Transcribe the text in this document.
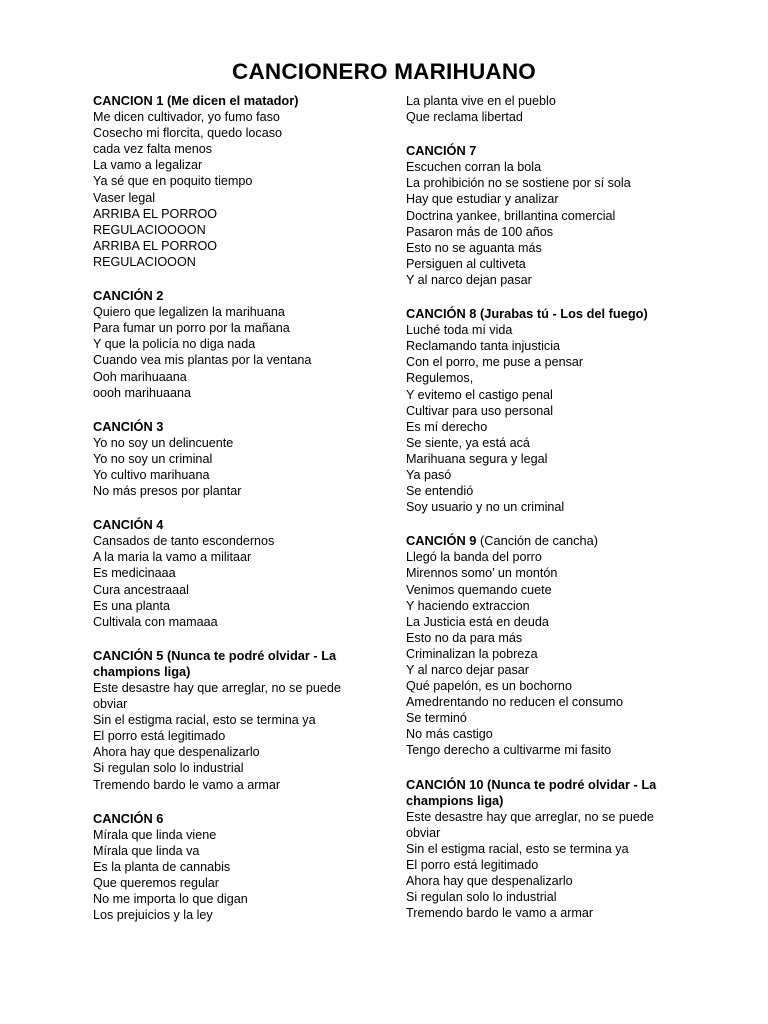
CANCIONERO MARIHUANO
CANCION 1 (Me dicen el matador)
Me dicen cultivador, yo fumo faso
Cosecho mi florcita, quedo locaso
cada vez falta menos
La vamo a legalizar
Ya sé que en poquito tiempo
Vaser legal
ARRIBA EL PORROO
REGULACIOOOON
ARRIBA EL PORROO
REGULACIOOON
CANCIÓN 2
Quiero que legalizen la marihuana
Para fumar un porro por la mañana
Y que la policía no diga nada
Cuando vea mis plantas por la ventana
Ooh marihuaana
oooh marihuaana
CANCIÓN 3
Yo no soy un delincuente
Yo no soy un criminal
Yo cultivo marihuana
No más presos por plantar
CANCIÓN 4
Cansados de tanto escondernos
A la maria la vamo a militaar
Es medicinaaa
Cura ancestraaal
Es una planta
Cultivala con mamaaa
CANCIÓN 5 (Nunca te podré olvidar - La champions liga)
Este desastre hay que arreglar, no se puede obviar
Sin el estigma racial, esto se termina ya
El porro está legitimado
Ahora hay que despenalizarlo
Si regulan solo lo industrial
Tremendo bardo le vamo a armar
CANCIÓN 6
Mírala que linda viene
Mírala que linda va
Es la planta de cannabis
Que queremos regular
No me importa lo que digan
Los prejuicios y la ley
La planta vive en el pueblo
Que reclama libertad
CANCIÓN 7
Escuchen corran la bola
La prohibición no se sostiene por sí sola
Hay que estudiar y analizar
Doctrina yankee, brillantina comercial
Pasaron más de 100 años
Esto no se aguanta más
Persiguen al cultiveta
Y al narco dejan pasar
CANCIÓN 8 (Jurabas tú - Los del fuego)
Luché toda mí vida
Reclamando tanta injusticia
Con el porro, me puse a pensar
Regulemos,
Y evitemo el castigo penal
Cultivar para uso personal
Es mí derecho
Se siente, ya está acá
Marihuana segura y legal
Ya pasó
Se entendió
Soy usuario y no un criminal
CANCIÓN 9 (Canción de cancha)
Llegó la banda del porro
Mirennos somo’ un montón
Venimos quemando cuete
Y haciendo extraccion
La Justicia está en deuda
Esto no da para más
Criminalizan la pobreza
Y al narco dejar pasar
Qué papelón, es un bochorno
Amedrentando no reducen el consumo
Se terminó
No más castigo
Tengo derecho a cultivarme mi fasito
CANCIÓN 10 (Nunca te podré olvidar - La champions liga)
Este desastre hay que arreglar, no se puede obviar
Sin el estigma racial, esto se termina ya
El porro está legitimado
Ahora hay que despenalizarlo
Si regulan solo lo industrial
Tremendo bardo le vamo a armar
